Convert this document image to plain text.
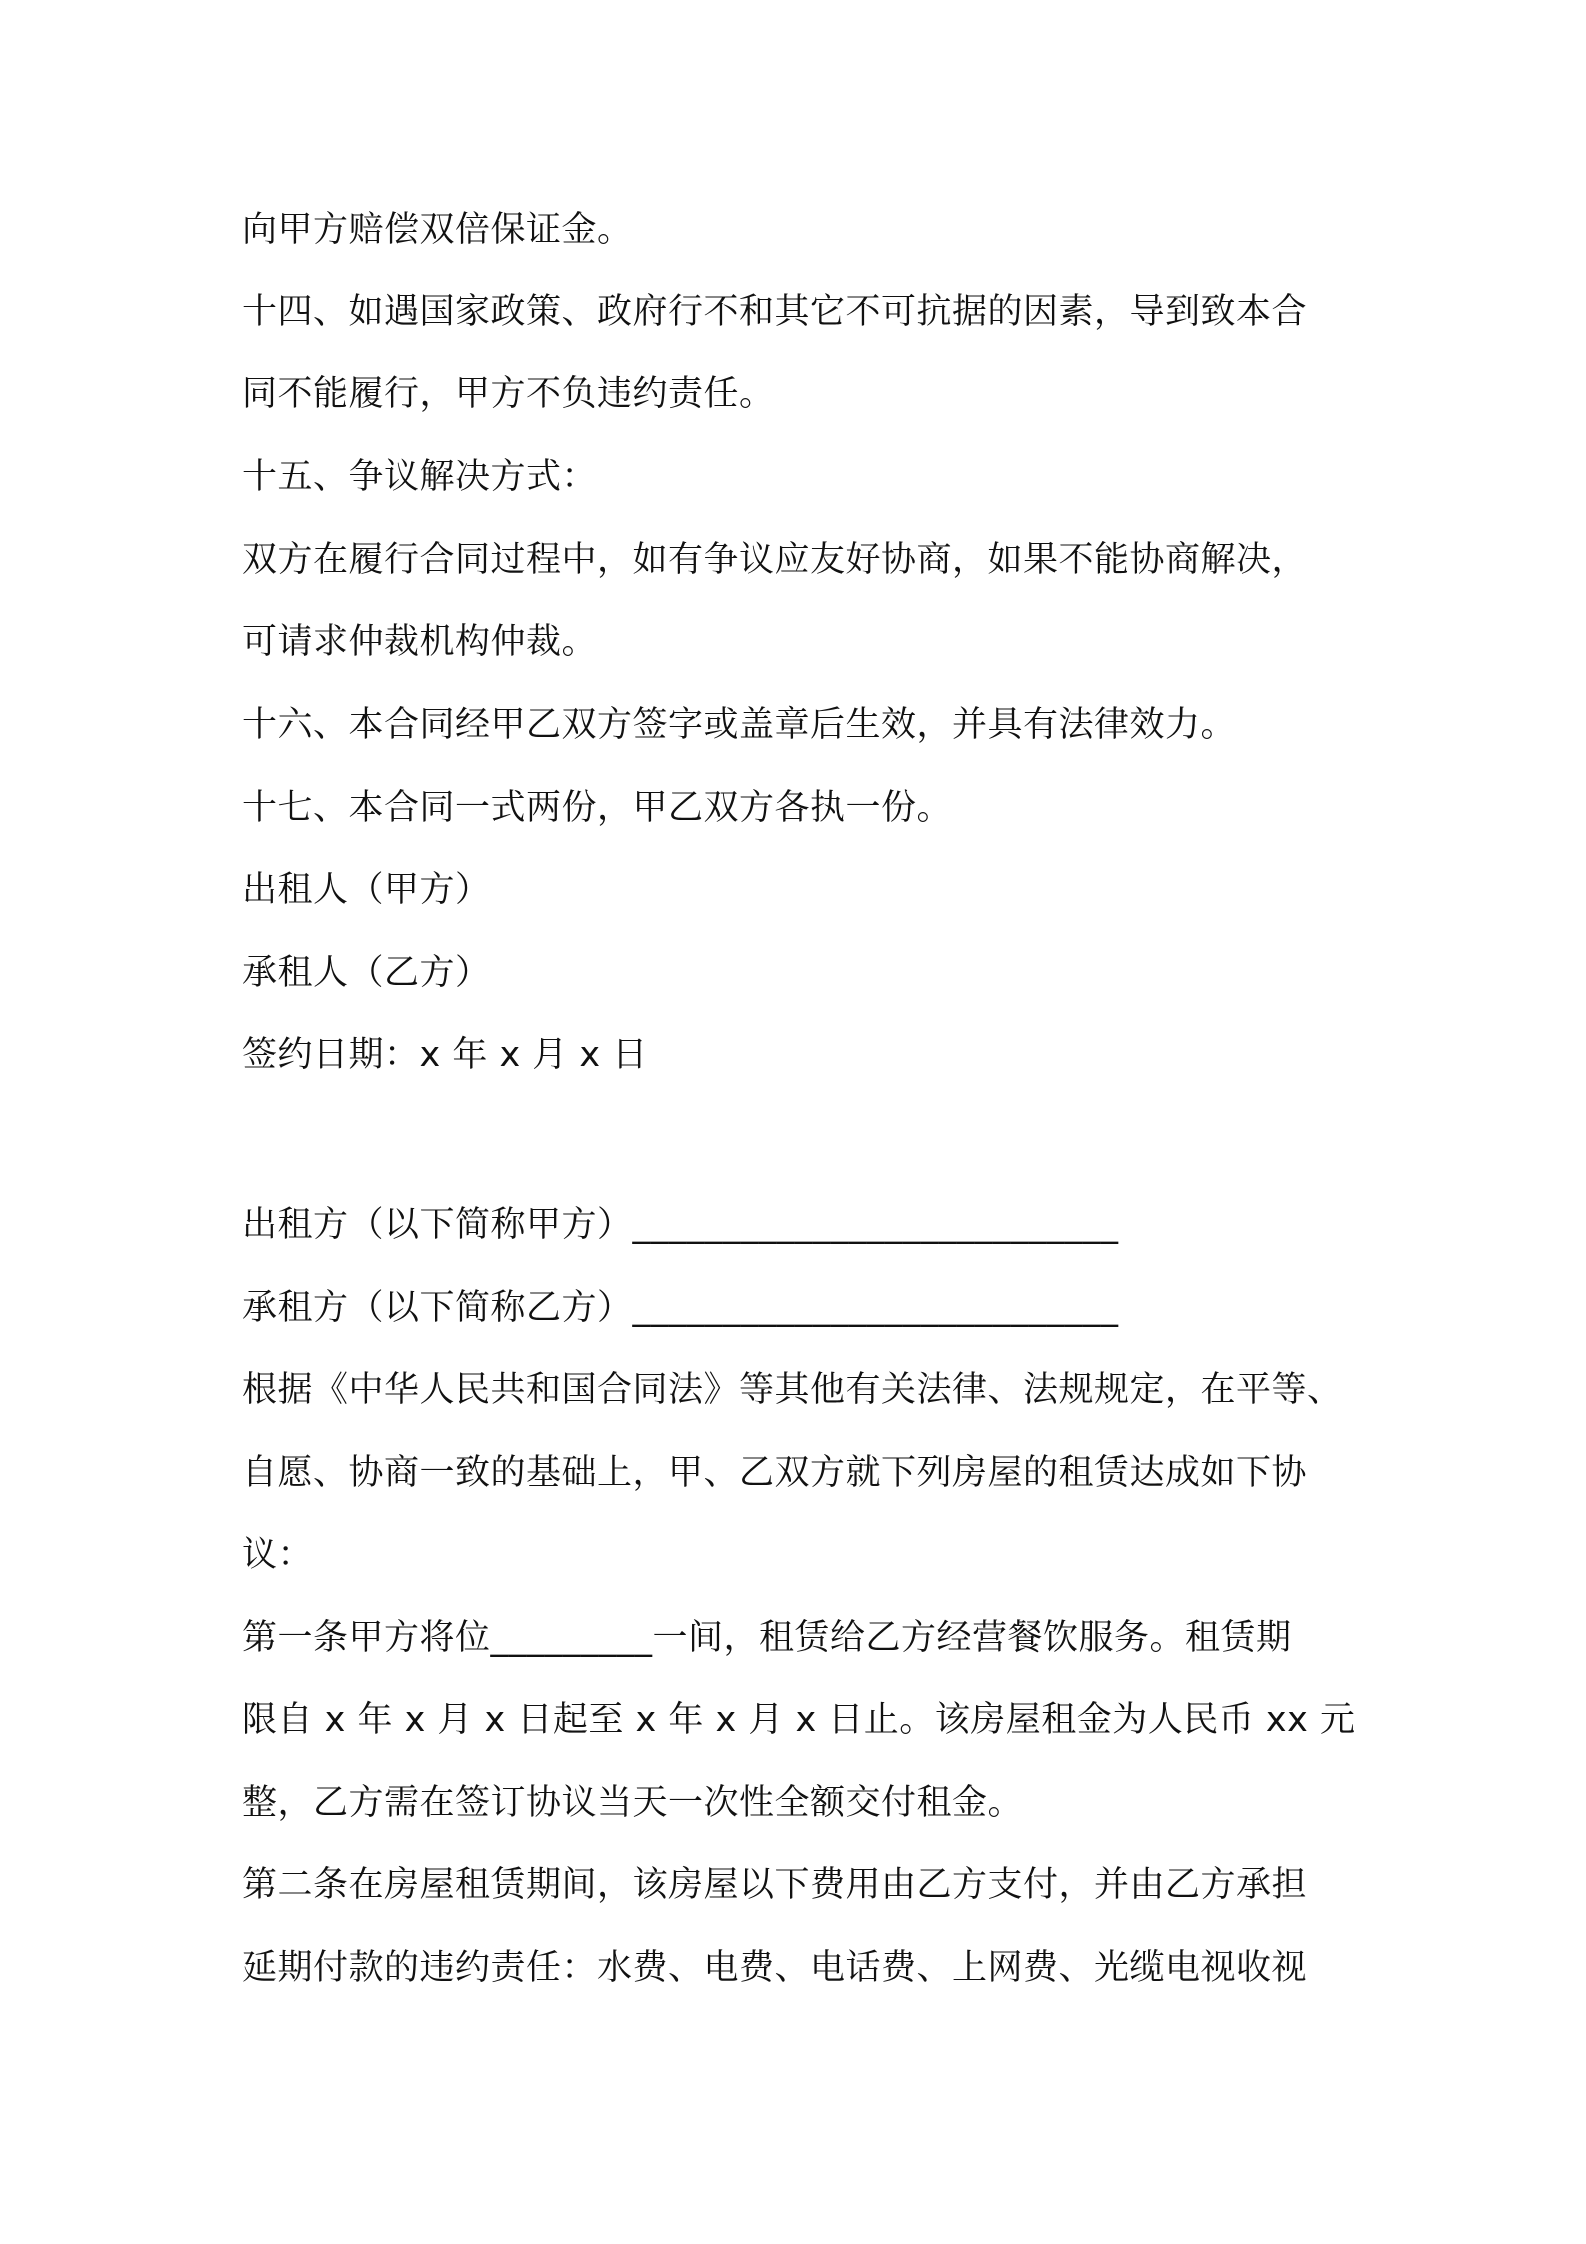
向甲方赔偿双倍保证金。
十四、如遇国家政策、政府行不和其它不可抗据的因素，导到致本合
同不能履行，甲方不负违约责任。
十五、争议解决方式：
双方在履行合同过程中，如有争议应友好协商，如果不能协商解决，
可请求仲裁机构仲裁。
十六、本合同经甲乙双方签字或盖章后生效，并具有法律效力。
十七、本合同一式两份，甲乙双方各执一份。
出租人（甲方）
承租人（乙方）
签约日期：x 年 x 月 x 日
出租方（以下简称甲方）___________________________
承租方（以下简称乙方）___________________________
根据《中华人民共和国合同法》等其他有关法律、法规规定，在平等、
自愿、协商一致的基础上，甲、乙双方就下列房屋的租赁达成如下协
议：
第一条甲方将位_________一间，租赁给乙方经营餐饮服务。租赁期
限自 x 年 x 月 x 日起至 x 年 x 月 x 日止。该房屋租金为人民币 xx 元
整，乙方需在签订协议当天一次性全额交付租金。
第二条在房屋租赁期间，该房屋以下费用由乙方支付，并由乙方承担
延期付款的违约责任：水费、电费、电话费、上网费、光缆电视收视
